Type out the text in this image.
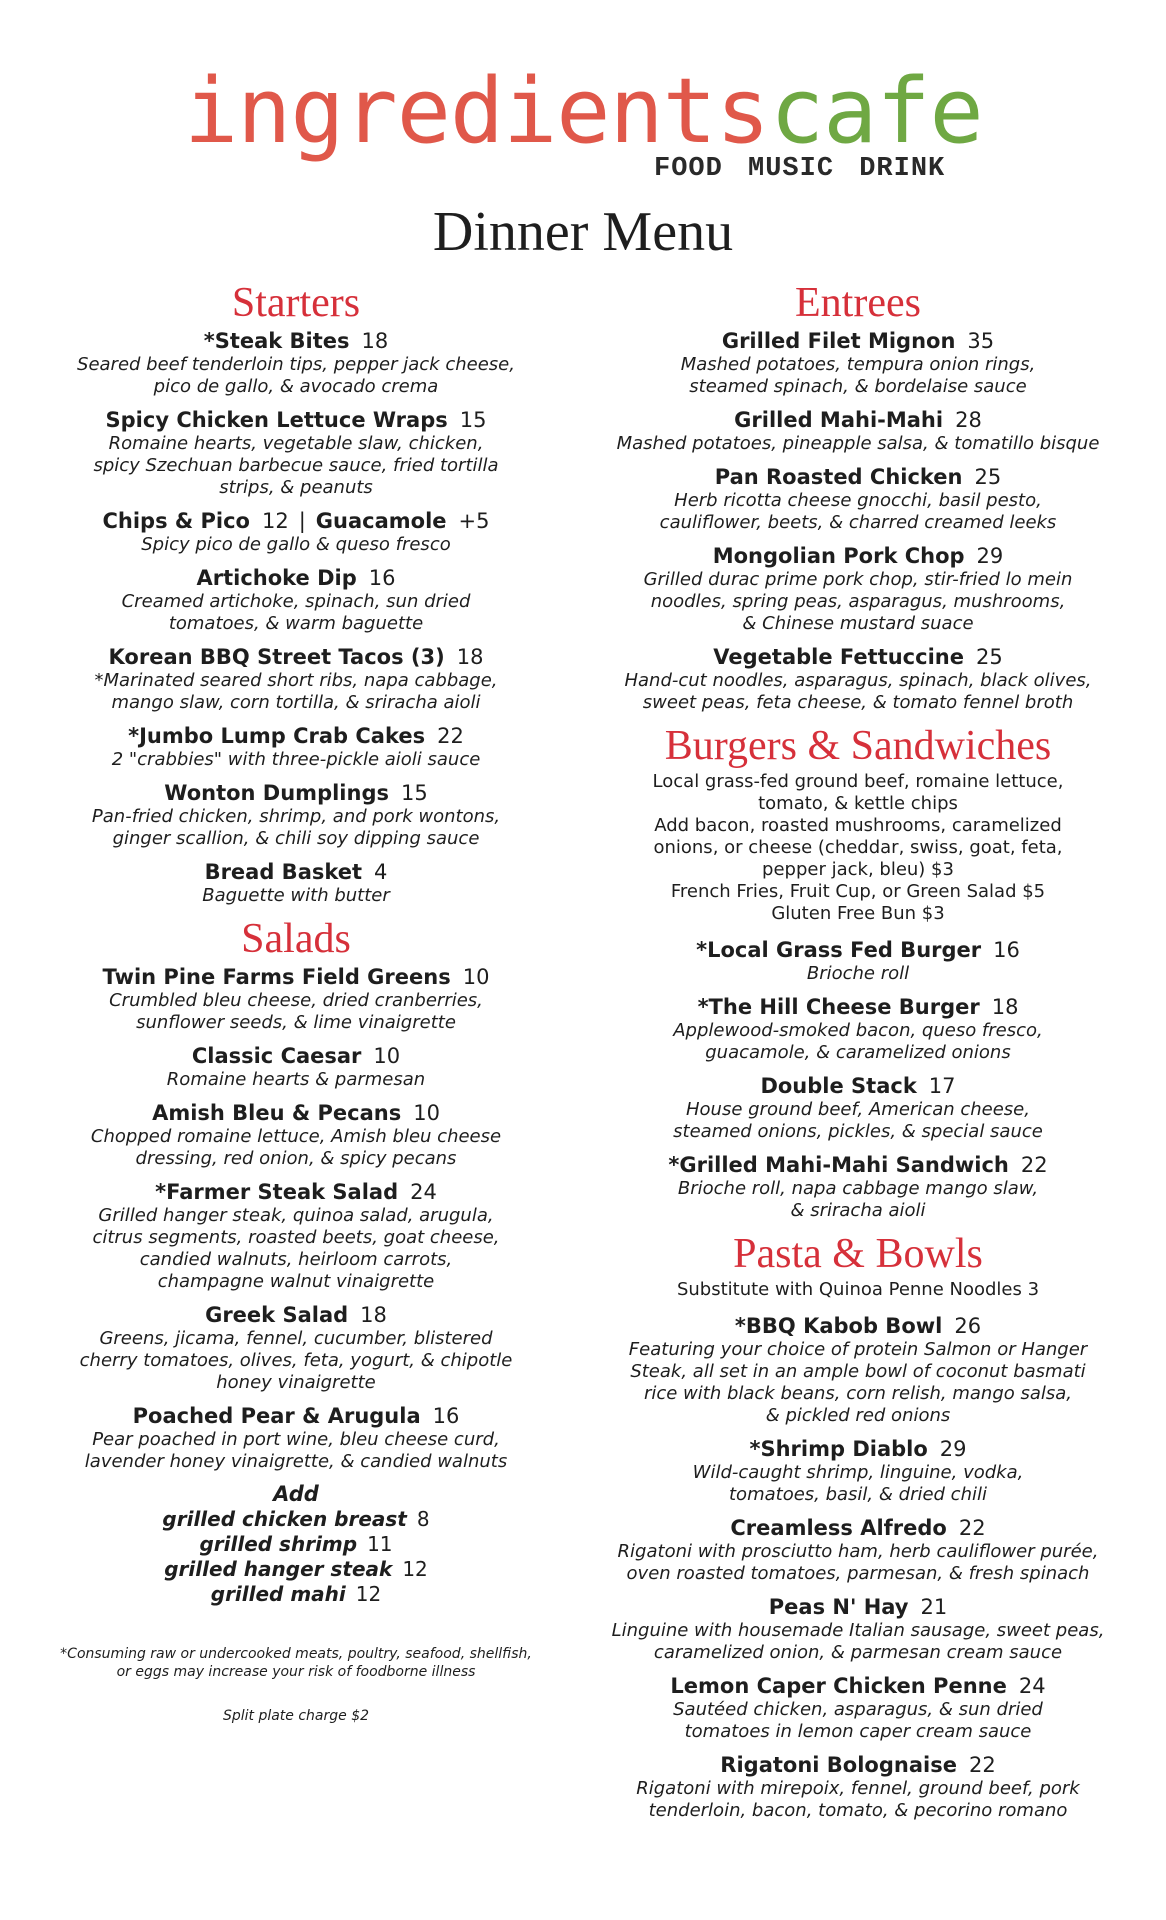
ingredients cafe
FOOD MUSIC DRINK
Dinner Menu
Starters
*Steak Bites 18
Seared beef tenderloin tips, pepper jack cheese,
pico de gallo, & avocado crema
Spicy Chicken Lettuce Wraps 15
Romaine hearts, vegetable slaw, chicken,
spicy Szechuan barbecue sauce, fried tortilla
strips, & peanuts
Chips & Pico 12 | Guacamole +5
Spicy pico de gallo & queso fresco
Artichoke Dip 16
Creamed artichoke, spinach, sun dried
tomatoes, & warm baguette
Korean BBQ Street Tacos (3) 18
*Marinated seared short ribs, napa cabbage,
mango slaw, corn tortilla, & sriracha aioli
*Jumbo Lump Crab Cakes 22
2 "crabbies" with three-pickle aioli sauce
Wonton Dumplings 15
Pan-fried chicken, shrimp, and pork wontons,
ginger scallion, & chili soy dipping sauce
Bread Basket 4
Baguette with butter
Salads
Twin Pine Farms Field Greens 10
Crumbled bleu cheese, dried cranberries,
sunflower seeds, & lime vinaigrette
Classic Caesar 10
Romaine hearts & parmesan
Amish Bleu & Pecans 10
Chopped romaine lettuce, Amish bleu cheese
dressing, red onion, & spicy pecans
*Farmer Steak Salad 24
Grilled hanger steak, quinoa salad, arugula,
citrus segments, roasted beets, goat cheese,
candied walnuts, heirloom carrots,
champagne walnut vinaigrette
Greek Salad 18
Greens, jicama, fennel, cucumber, blistered
cherry tomatoes, olives, feta, yogurt, & chipotle
honey vinaigrette
Poached Pear & Arugula 16
Pear poached in port wine, bleu cheese curd,
lavender honey vinaigrette, & candied walnuts
Add
grilled chicken breast 8
grilled shrimp 11
grilled hanger steak 12
grilled mahi 12
*Consuming raw or undercooked meats, poultry, seafood, shellfish,
or eggs may increase your risk of foodborne illness
Split plate charge $2
Entrees
Grilled Filet Mignon 35
Mashed potatoes, tempura onion rings,
steamed spinach, & bordelaise sauce
Grilled Mahi-Mahi 28
Mashed potatoes, pineapple salsa, & tomatillo bisque
Pan Roasted Chicken 25
Herb ricotta cheese gnocchi, basil pesto,
cauliflower, beets, & charred creamed leeks
Mongolian Pork Chop 29
Grilled durac prime pork chop, stir-fried lo mein
noodles, spring peas, asparagus, mushrooms,
& Chinese mustard suace
Vegetable Fettuccine 25
Hand-cut noodles, asparagus, spinach, black olives,
sweet peas, feta cheese, & tomato fennel broth
Burgers & Sandwiches
Local grass-fed ground beef, romaine lettuce,
tomato, & kettle chips
Add bacon, roasted mushrooms, caramelized
onions, or cheese (cheddar, swiss, goat, feta,
pepper jack, bleu) $3
French Fries, Fruit Cup, or Green Salad $5
Gluten Free Bun $3
*Local Grass Fed Burger 16
Brioche roll
*The Hill Cheese Burger 18
Applewood-smoked bacon, queso fresco,
guacamole, & caramelized onions
Double Stack 17
House ground beef, American cheese,
steamed onions, pickles, & special sauce
*Grilled Mahi-Mahi Sandwich 22
Brioche roll, napa cabbage mango slaw,
& sriracha aioli
Pasta & Bowls
Substitute with Quinoa Penne Noodles 3
*BBQ Kabob Bowl 26
Featuring your choice of protein Salmon or Hanger
Steak, all set in an ample bowl of coconut basmati
rice with black beans, corn relish, mango salsa,
& pickled red onions
*Shrimp Diablo 29
Wild-caught shrimp, linguine, vodka,
tomatoes, basil, & dried chili
Creamless Alfredo 22
Rigatoni with prosciutto ham, herb cauliflower purée,
oven roasted tomatoes, parmesan, & fresh spinach
Peas N' Hay 21
Linguine with housemade Italian sausage, sweet peas,
caramelized onion, & parmesan cream sauce
Lemon Caper Chicken Penne 24
Sautéed chicken, asparagus, & sun dried
tomatoes in lemon caper cream sauce
Rigatoni Bolognaise 22
Rigatoni with mirepoix, fennel, ground beef, pork
tenderloin, bacon, tomato, & pecorino romano
